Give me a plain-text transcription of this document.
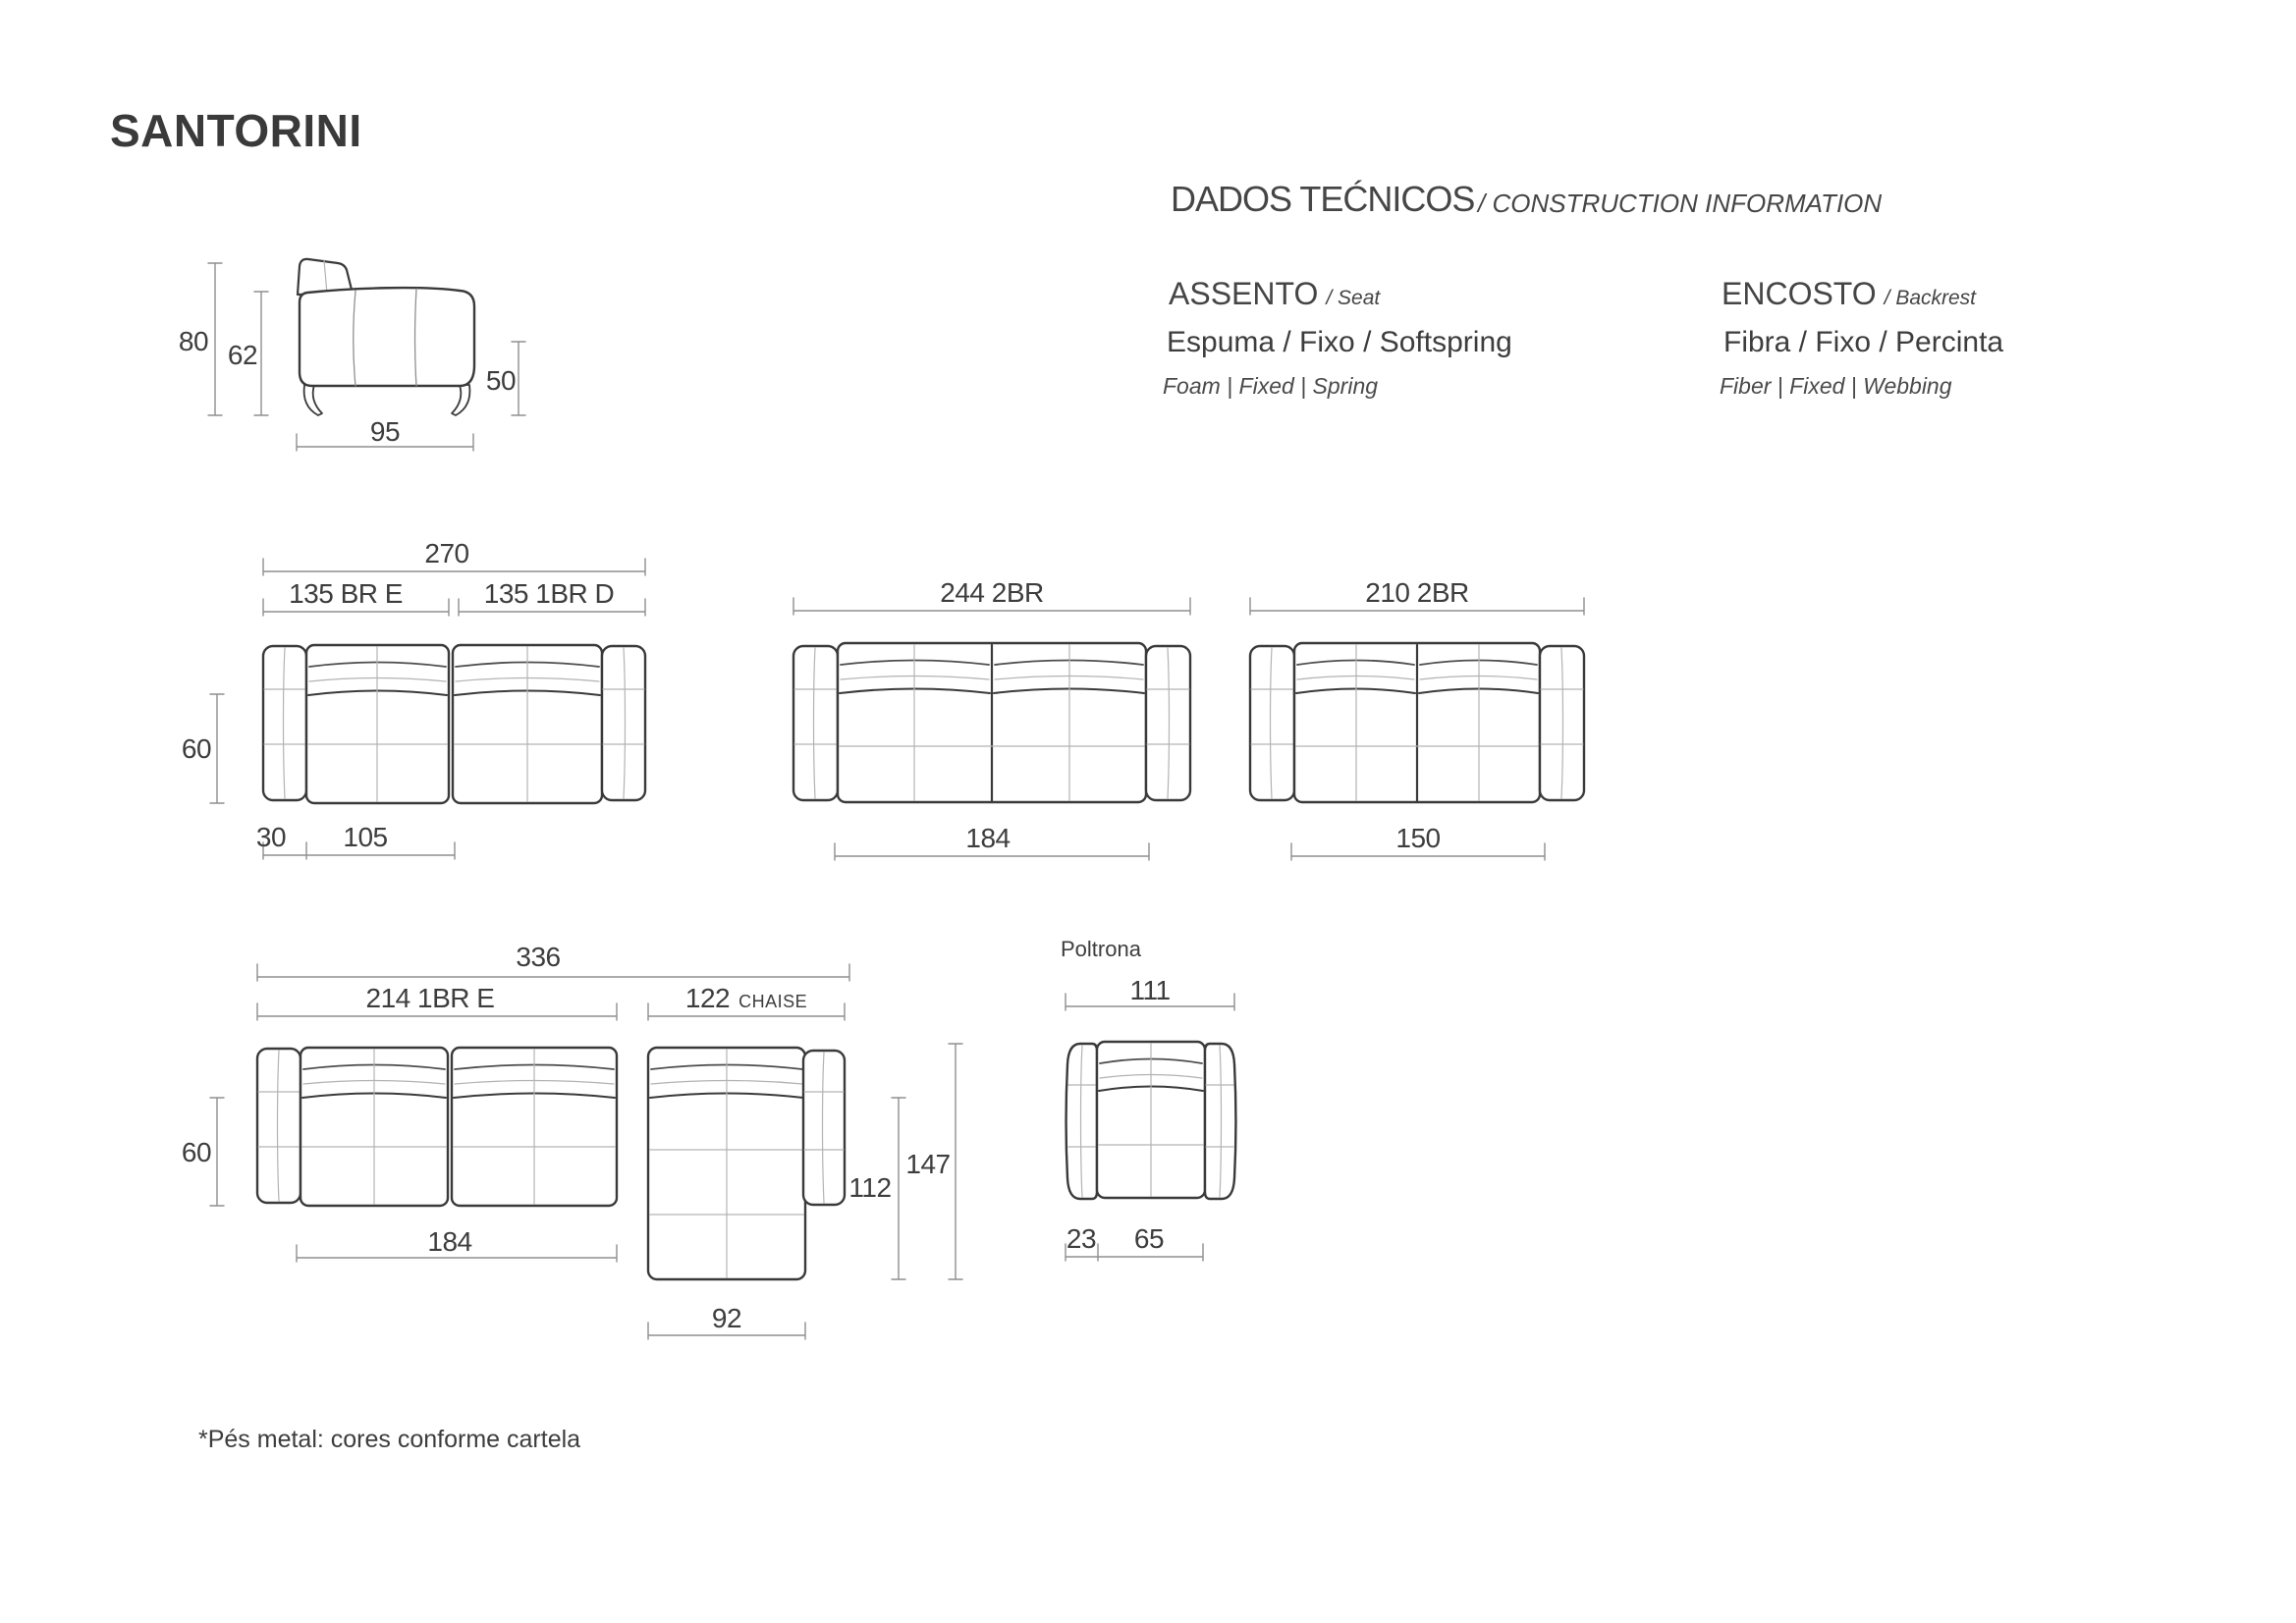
SANTORINI
DADOS TEĆNICOS / CONSTRUCTION INFORMATION
ASSENTO / Seat
Espuma / Fixo / Softspring
Foam | Fixed | Spring
ENCOSTO / Backrest
Fibra / Fixo / Percinta
Fiber | Fixed | Webbing
80 62
50
95
270
135 BR E	135 1BR D
60
30 105
244 2BR
184
210 2BR
150
336
214 1BR E	122 CHAISE
60
184
92
112
147
Poltrona
111
23 65
*Pés metal: cores conforme cartela
